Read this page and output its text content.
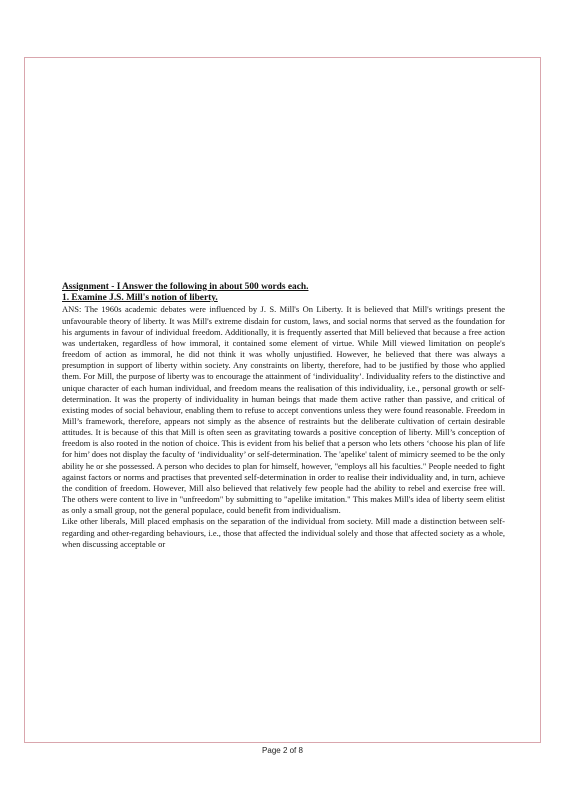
Assignment - I Answer the following in about 500 words each.

1. Examine J.S. Mill's notion of liberty.

ANS: The 1960s academic debates were influenced by J. S. Mill's On Liberty. It is believed that Mill's writings present the unfavourable theory of liberty. It was Mill's extreme disdain for custom, laws, and social norms that served as the foundation for his arguments in favour of individual freedom. Additionally, it is frequently asserted that Mill believed that because a free action was undertaken, regardless of how immoral, it contained some element of virtue. While Mill viewed limitation on people's freedom of action as immoral, he did not think it was wholly unjustified. However, he believed that there was always a presumption in support of liberty within society. Any constraints on liberty, therefore, had to be justified by those who applied them. For Mill, the purpose of liberty was to encourage the attainment of ‘individuality’. Individuality refers to the distinctive and unique character of each human individual, and freedom means the realisation of this individuality, i.e., personal growth or self-determination. It was the property of individuality in human beings that made them active rather than passive, and critical of existing modes of social behaviour, enabling them to refuse to accept conventions unless they were found reasonable. Freedom in Mill’s framework, therefore, appears not simply as the absence of restraints but the deliberate cultivation of certain desirable attitudes. It is because of this that Mill is often seen as gravitating towards a positive conception of liberty. Mill’s conception of freedom is also rooted in the notion of choice. This is evident from his belief that a person who lets others ‘choose his plan of life for him’ does not display the faculty of ‘individuality’ or self-determination. The 'apelike' talent of mimicry seemed to be the only ability he or she possessed. A person who decides to plan for himself, however, "employs all his faculties." People needed to fight against factors or norms and practises that prevented self-determination in order to realise their individuality and, in turn, achieve the condition of freedom. However, Mill also believed that relatively few people had the ability to rebel and exercise free will. The others were content to live in "unfreedom" by submitting to "apelike imitation." This makes Mill's idea of liberty seem elitist as only a small group, not the general populace, could benefit from individualism.

Like other liberals, Mill placed emphasis on the separation of the individual from society. Mill made a distinction between self-regarding and other-regarding behaviours, i.e., those that affected the individual solely and those that affected society as a whole, when discussing acceptable or

Page 2 of 8
